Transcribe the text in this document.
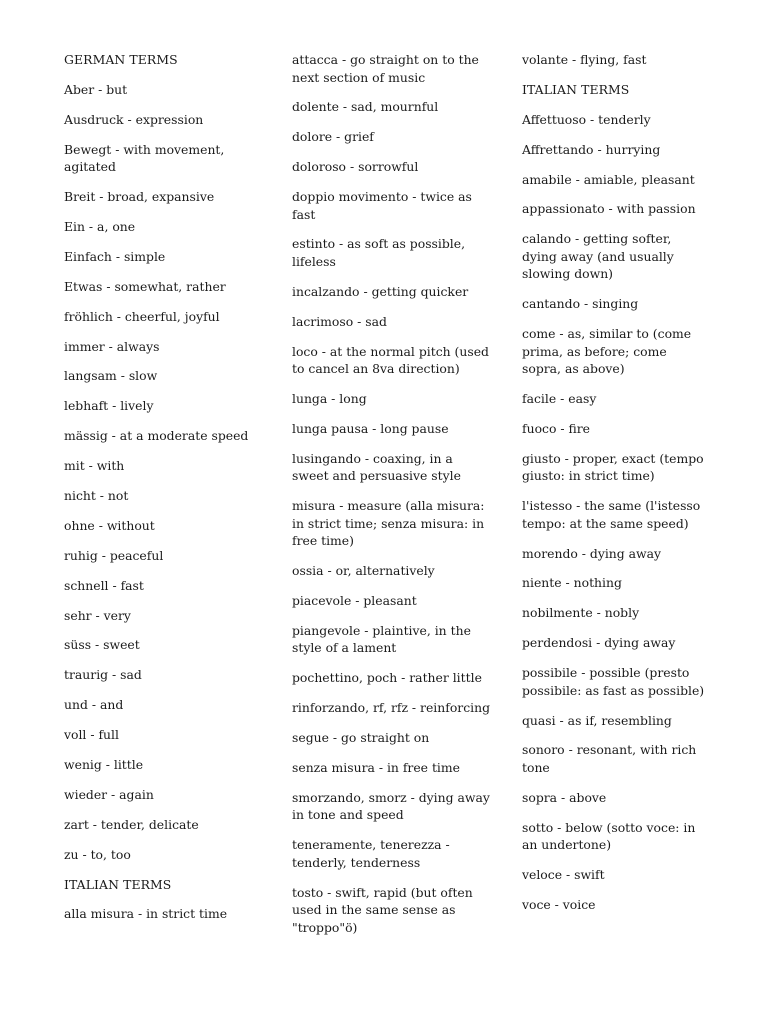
GERMAN TERMS
Aber - but
Ausdruck - expression
Bewegt - with movement, agitated
Breit - broad, expansive
Ein - a, one
Einfach - simple
Etwas - somewhat, rather
fröhlich - cheerful, joyful
immer - always
langsam - slow
lebhaft - lively
mässig - at a moderate speed
mit - with
nicht - not
ohne - without
ruhig - peaceful
schnell - fast
sehr - very
süss - sweet
traurig - sad
und - and
voll - full
wenig - little
wieder - again
zart - tender, delicate
zu - to, too
ITALIAN TERMS
alla misura - in strict time
attacca - go straight on to the next section of music
dolente - sad, mournful
dolore - grief
doloroso - sorrowful
doppio movimento - twice as fast
estinto - as soft as possible, lifeless
incalzando - getting quicker
lacrimoso - sad
loco - at the normal pitch (used to cancel an 8va direction)
lunga - long
lunga pausa - long pause
lusingando - coaxing, in a sweet and persuasive style
misura - measure (alla misura: in strict time; senza misura: in free time)
ossia - or, alternatively
piacevole - pleasant
piangevole - plaintive, in the style of a lament
pochettino, poch - rather little
rinforzando, rf, rfz - reinforcing
segue - go straight on
senza misura - in free time
smorzando, smorz - dying away in tone and speed
teneramente, tenerezza - tenderly, tenderness
tosto - swift, rapid (but often used in the same sense as "troppo"ö)
volante - flying, fast
ITALIAN TERMS
Affettuoso - tenderly
Affrettando - hurrying
amabile - amiable, pleasant
appassionato - with passion
calando - getting softer, dying away (and usually slowing down)
cantando - singing
come - as, similar to (come prima, as before; come sopra, as above)
facile - easy
fuoco - fire
giusto - proper, exact (tempo giusto: in strict time)
l'istesso - the same (l'istesso tempo: at the same speed)
morendo - dying away
niente - nothing
nobilmente - nobly
perdendosi - dying away
possibile - possible (presto possibile: as fast as possible)
quasi - as if, resembling
sonoro - resonant, with rich tone
sopra - above
sotto - below (sotto voce: in an undertone)
veloce - swift
voce - voice
